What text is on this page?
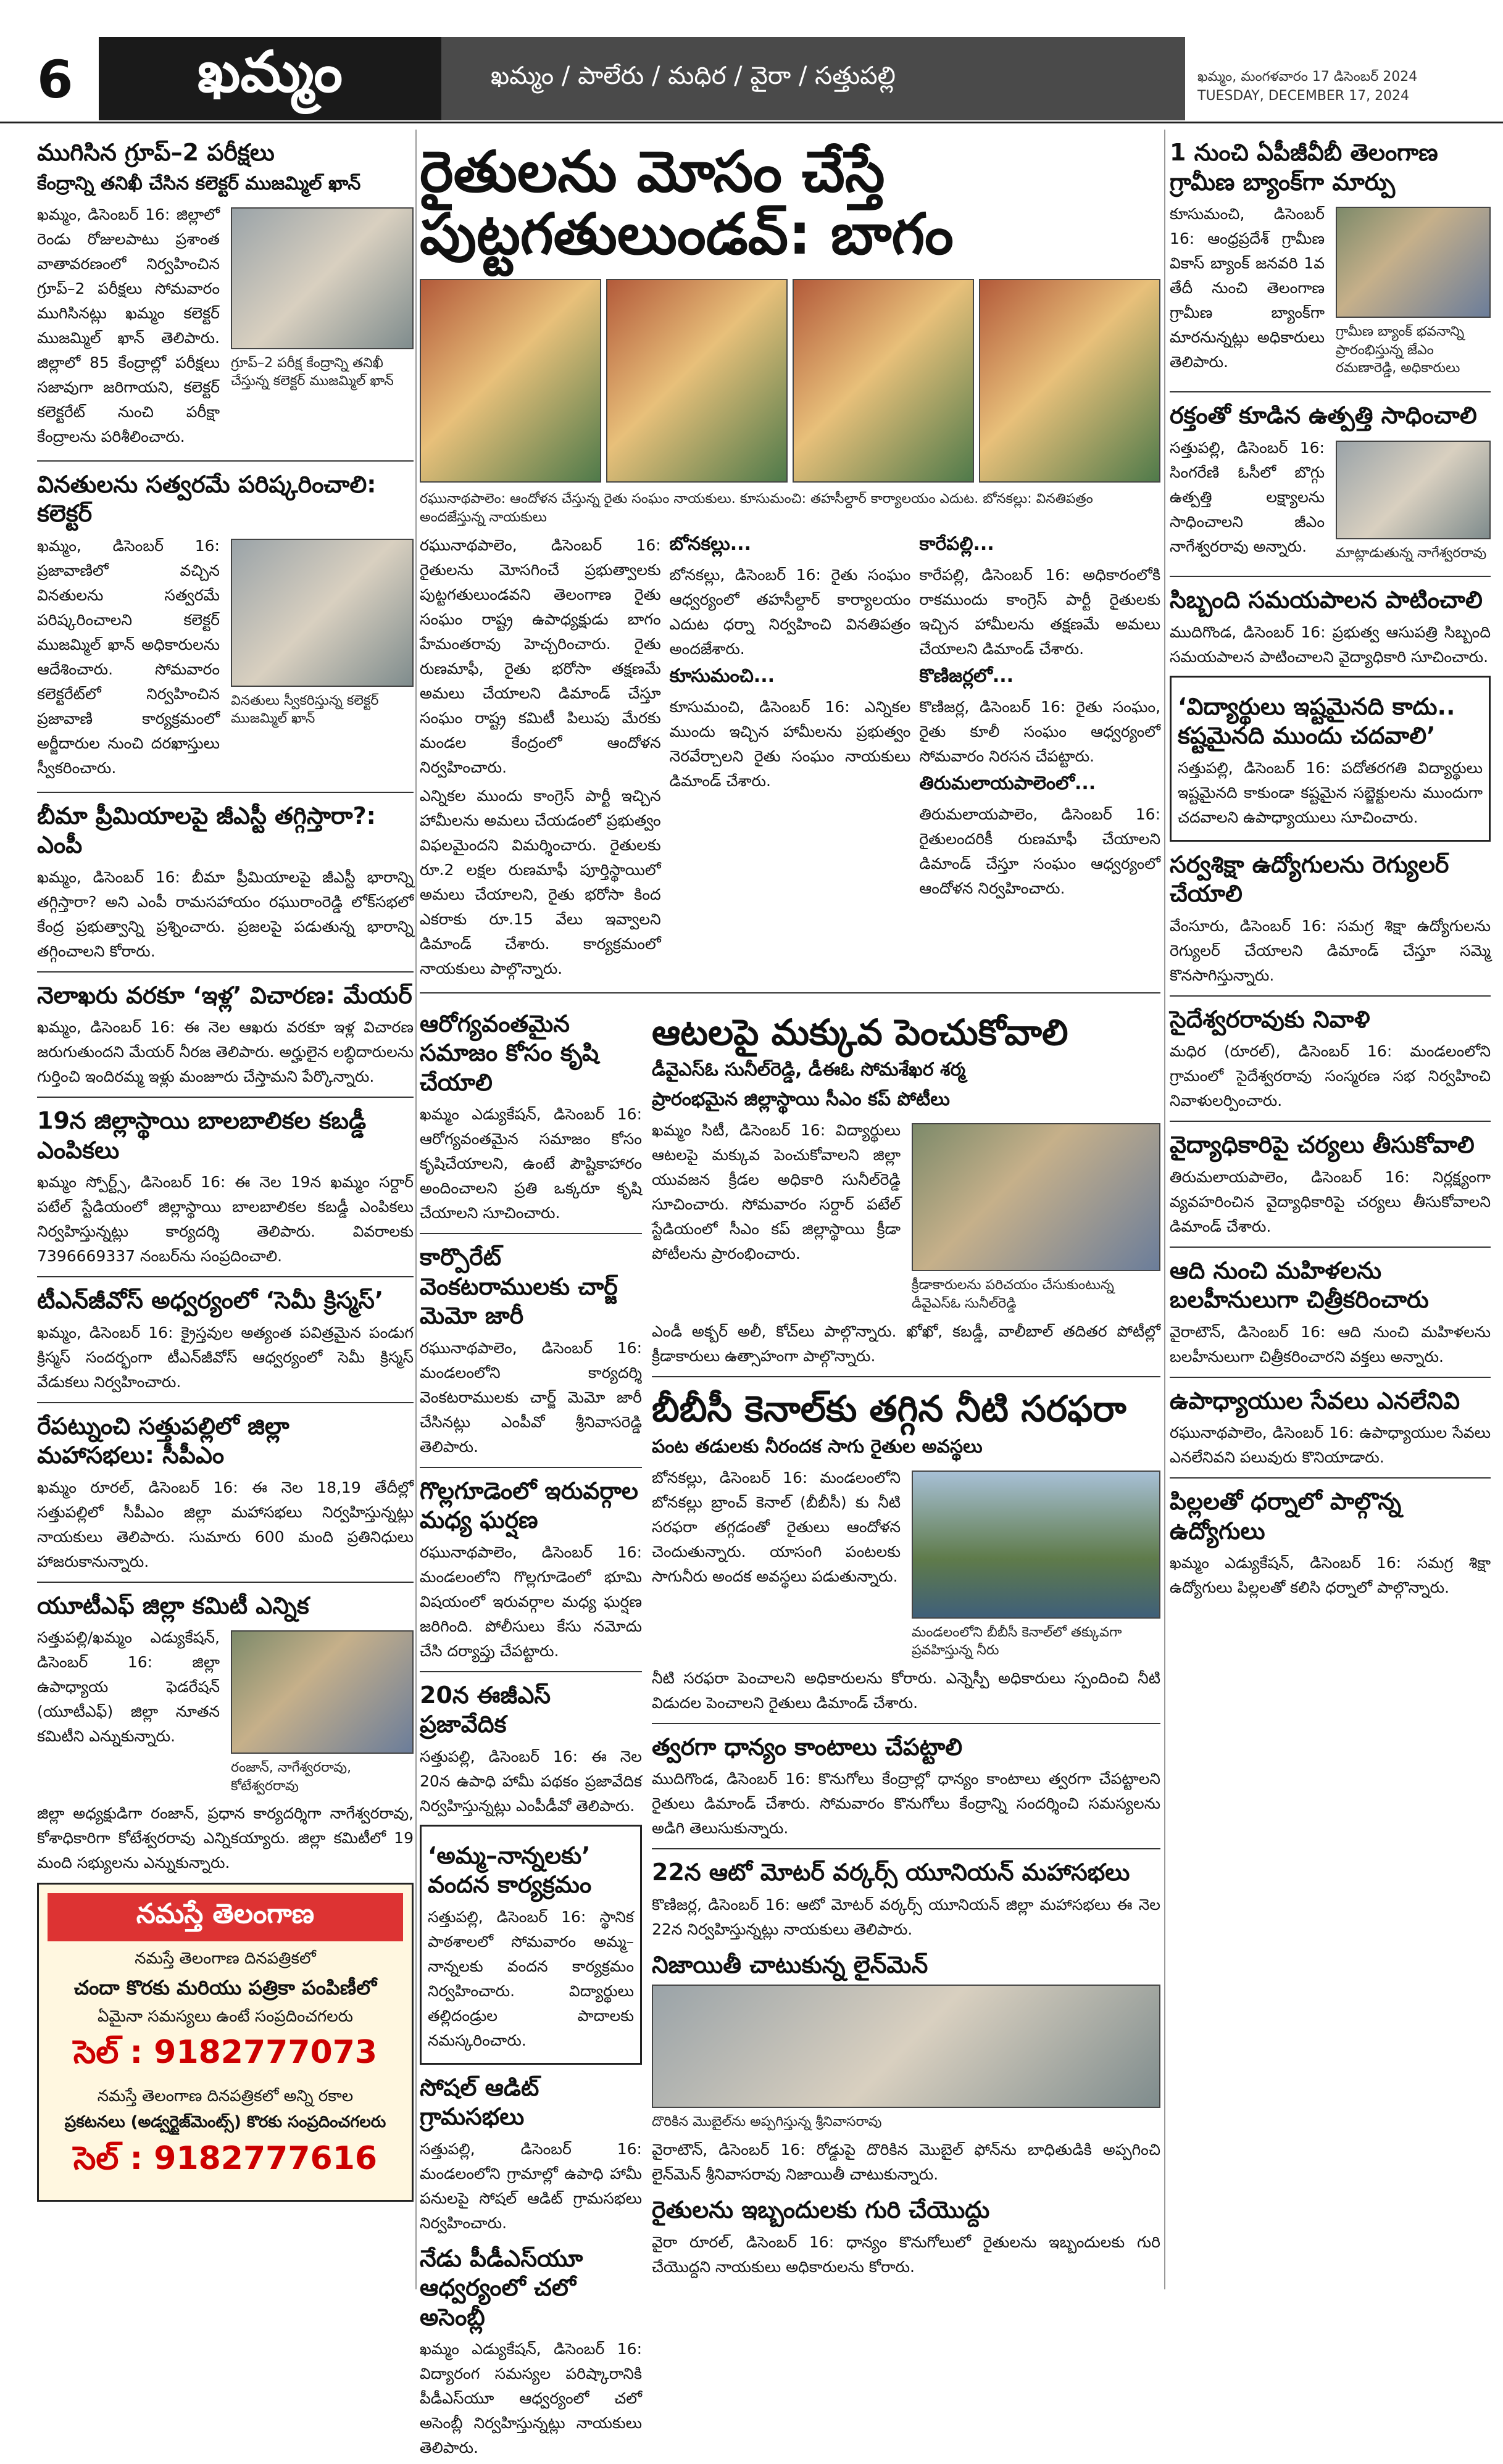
6	ఖమ్మం	ఖమ్మం / పాలేరు / మధిర / వైరా / సత్తుపల్లి	ఖమ్మం, మంగళవారం 17 డిసెంబర్ 2024
TUESDAY, DECEMBER 17, 2024
ముగిసిన గ్రూప్–2 పరీక్షలు
కేంద్రాన్ని తనిఖీ చేసిన కలెక్టర్ ముజమ్మిల్ ఖాన్

ఖమ్మం, డిసెంబర్ 16: జిల్లాలో రెండు రోజులపాటు ప్రశాంత వాతావరణంలో నిర్వహించిన గ్రూప్–2 పరీక్షలు సోమవారం ముగిసినట్లు ఖమ్మం కలెక్టర్ ముజమ్మిల్ ఖాన్ తెలిపారు. జిల్లాలో 85 కేంద్రాల్లో పరీక్షలు సజావుగా జరిగాయని, కలెక్టర్ కలెక్టరేట్ నుంచి పరీక్షా కేంద్రాలను పరిశీలించారు.

గ్రూప్–2 పరీక్ష కేంద్రాన్ని తనిఖీ చేస్తున్న కలెక్టర్ ముజమ్మిల్ ఖాన్
వినతులను సత్వరమే పరిష్కరించాలి: కలెక్టర్

ఖమ్మం, డిసెంబర్ 16: ప్రజావాణిలో వచ్చిన వినతులను సత్వరమే పరిష్కరించాలని కలెక్టర్ ముజమ్మిల్ ఖాన్ అధికారులను ఆదేశించారు. సోమవారం కలెక్టరేట్‌లో నిర్వహించిన ప్రజావాణి కార్యక్రమంలో అర్జీదారుల నుంచి దరఖాస్తులు స్వీకరించారు.

వినతులు స్వీకరిస్తున్న కలెక్టర్ ముజమ్మిల్ ఖాన్
బీమా ప్రీమియాలపై జీఎస్టీ తగ్గిస్తారా?: ఎంపీ

ఖమ్మం, డిసెంబర్ 16: బీమా ప్రీమియాలపై జీఎస్టీ భారాన్ని తగ్గిస్తారా? అని ఎంపీ రామసహాయం రఘురాంరెడ్డి లోక్‌సభలో కేంద్ర ప్రభుత్వాన్ని ప్రశ్నించారు. ప్రజలపై పడుతున్న భారాన్ని తగ్గించాలని కోరారు.

నెలాఖరు వరకూ ‘ఇళ్ల’ విచారణ: మేయర్

ఖమ్మం, డిసెంబర్ 16: ఈ నెల ఆఖరు వరకూ ఇళ్ల విచారణ జరుగుతుందని మేయర్ నీరజ తెలిపారు. అర్హులైన లబ్ధిదారులను గుర్తించి ఇందిరమ్మ ఇళ్లు మంజూరు చేస్తామని పేర్కొన్నారు.

19న జిల్లాస్థాయి బాలబాలికల కబడ్డీ ఎంపికలు

ఖమ్మం స్పోర్ట్స్, డిసెంబర్ 16: ఈ నెల 19న ఖమ్మం సర్దార్ పటేల్ స్టేడియంలో జిల్లాస్థాయి బాలబాలికల కబడ్డీ ఎంపికలు నిర్వహిస్తున్నట్లు కార్యదర్శి తెలిపారు. వివరాలకు 7396669337 నంబర్‌ను సంప్రదించాలి.

టీఎన్‌జీవోస్ అధ్వర్యంలో ‘సెమీ క్రిస్మస్’

ఖమ్మం, డిసెంబర్ 16: క్రైస్తవుల అత్యంత పవిత్రమైన పండుగ క్రిస్మస్ సందర్భంగా టీఎన్‌జీవోస్ ఆధ్వర్యంలో సెమీ క్రిస్మస్ వేడుకలు నిర్వహించారు.

రేపట్నుంచి సత్తుపల్లిలో జిల్లా మహాసభలు: సీపీఎం

ఖమ్మం రూరల్, డిసెంబర్ 16: ఈ నెల 18,19 తేదీల్లో సత్తుపల్లిలో సీపీఎం జిల్లా మహాసభలు నిర్వహిస్తున్నట్లు నాయకులు తెలిపారు. సుమారు 600 మంది ప్రతినిధులు హాజరుకానున్నారు.

యూటీఎఫ్ జిల్లా కమిటీ ఎన్నిక

సత్తుపల్లి/ఖమ్మం ఎడ్యుకేషన్, డిసెంబర్ 16: జిల్లా ఉపాధ్యాయ ఫెడరేషన్ (యూటీఎఫ్) జిల్లా నూతన కమిటీని ఎన్నుకున్నారు.

రంజాన్, నాగేశ్వరరావు, కోటేశ్వరరావు

జిల్లా అధ్యక్షుడిగా రంజాన్, ప్రధాన కార్యదర్శిగా నాగేశ్వరరావు, కోశాధికారిగా కోటేశ్వరరావు ఎన్నికయ్యారు. జిల్లా కమిటీలో 19 మంది సభ్యులను ఎన్నుకున్నారు.

నమస్తే తెలంగాణ
నమస్తే తెలంగాణ దినపత్రికలో
చందా కొరకు మరియు పత్రికా పంపిణీలో
ఏమైనా సమస్యలు ఉంటే సంప్రదించగలరు
సెల్ : 9182777073
నమస్తే తెలంగాణ దినపత్రికలో అన్ని రకాల
ప్రకటనలు (అడ్వర్టైజ్‌మెంట్స్) కొరకు సంప్రదించగలరు
సెల్ : 9182777616
రైతులను మోసం చేస్తే పుట్టగతులుండవ్: బాగం
రఘునాథపాలెం: ఆందోళన చేస్తున్న రైతు సంఘం నాయకులు. కూసుమంచి: తహసీల్దార్ కార్యాలయం ఎదుట. బోనకల్లు: వినతిపత్రం అందజేస్తున్న నాయకులు

రఘునాథపాలెం, డిసెంబర్ 16: రైతులను మోసగించే ప్రభుత్వాలకు పుట్టగతులుండవని తెలంగాణ రైతు సంఘం రాష్ట్ర ఉపాధ్యక్షుడు బాగం హేమంతరావు హెచ్చరించారు. రైతు రుణమాఫీ, రైతు భరోసా తక్షణమే అమలు చేయాలని డిమాండ్ చేస్తూ సంఘం రాష్ట్ర కమిటీ పిలుపు మేరకు మండల కేంద్రంలో ఆందోళన నిర్వహించారు.

ఎన్నికల ముందు కాంగ్రెస్ పార్టీ ఇచ్చిన హామీలను అమలు చేయడంలో ప్రభుత్వం విఫలమైందని విమర్శించారు. రైతులకు రూ.2 లక్షల రుణమాఫీ పూర్తిస్థాయిలో అమలు చేయాలని, రైతు భరోసా కింద ఎకరాకు రూ.15 వేలు ఇవ్వాలని డిమాండ్ చేశారు. కార్యక్రమంలో నాయకులు పాల్గొన్నారు.

బోనకల్లు...

బోనకల్లు, డిసెంబర్ 16: రైతు సంఘం ఆధ్వర్యంలో తహసీల్దార్ కార్యాలయం ఎదుట ధర్నా నిర్వహించి వినతిపత్రం అందజేశారు.

కూసుమంచి...

కూసుమంచి, డిసెంబర్ 16: ఎన్నికల ముందు ఇచ్చిన హామీలను ప్రభుత్వం నెరవేర్చాలని రైతు సంఘం నాయకులు డిమాండ్ చేశారు.

కారేపల్లి...

కారేపల్లి, డిసెంబర్ 16: అధికారంలోకి రాకముందు కాంగ్రెస్ పార్టీ రైతులకు ఇచ్చిన హామీలను తక్షణమే అమలు చేయాలని డిమాండ్ చేశారు.

కొణిజర్లలో...

కొణిజర్ల, డిసెంబర్ 16: రైతు సంఘం, రైతు కూలీ సంఘం ఆధ్వర్యంలో సోమవారం నిరసన చేపట్టారు.

తిరుమలాయపాలెంలో...

తిరుమలాయపాలెం, డిసెంబర్ 16: రైతులందరికీ రుణమాఫీ చేయాలని డిమాండ్ చేస్తూ సంఘం ఆధ్వర్యంలో ఆందోళన నిర్వహించారు.

ఆరోగ్యవంతమైన సమాజం కోసం కృషి చేయాలి

ఖమ్మం ఎడ్యుకేషన్, డిసెంబర్ 16: ఆరోగ్యవంతమైన సమాజం కోసం కృషిచేయాలని, ఉంటే పౌష్టికాహారం అందించాలని ప్రతి ఒక్కరూ కృషి చేయాలని సూచించారు.

కార్పొరేట్ వెంకటరాములకు చార్జ్ మెమో జారీ

రఘునాథపాలెం, డిసెంబర్ 16: మండలంలోని కార్యదర్శి వెంకటరాములకు చార్జ్ మెమో జారీ చేసినట్లు ఎంపీవో శ్రీనివాసరెడ్డి తెలిపారు.

గొల్లగూడెంలో ఇరువర్గాల మధ్య ఘర్షణ

రఘునాథపాలెం, డిసెంబర్ 16: మండలంలోని గొల్లగూడెంలో భూమి విషయంలో ఇరువర్గాల మధ్య ఘర్షణ జరిగింది. పోలీసులు కేసు నమోదు చేసి దర్యాప్తు చేపట్టారు.

20న ఈజీఎస్ ప్రజావేదిక

సత్తుపల్లి, డిసెంబర్ 16: ఈ నెల 20న ఉపాధి హామీ పథకం ప్రజావేదిక నిర్వహిస్తున్నట్లు ఎంపీడీవో తెలిపారు.

‘అమ్మ–నాన్నలకు’ వందన కార్యక్రమం

సత్తుపల్లి, డిసెంబర్ 16: స్థానిక పాఠశాలలో సోమవారం అమ్మ–నాన్నలకు వందన కార్యక్రమం నిర్వహించారు. విద్యార్థులు తల్లిదండ్రుల పాదాలకు నమస్కరించారు.

సోషల్ ఆడిట్ గ్రామసభలు

సత్తుపల్లి, డిసెంబర్ 16: మండలంలోని గ్రామాల్లో ఉపాధి హామీ పనులపై సోషల్ ఆడిట్ గ్రామసభలు నిర్వహించారు.

నేడు పీడీఎస్‌యూ ఆధ్వర్యంలో చలో అసెంబ్లీ

ఖమ్మం ఎడ్యుకేషన్, డిసెంబర్ 16: విద్యారంగ సమస్యల పరిష్కారానికి పీడీఎస్‌యూ ఆధ్వర్యంలో చలో అసెంబ్లీ నిర్వహిస్తున్నట్లు నాయకులు తెలిపారు.

ఆటలపై మక్కువ పెంచుకోవాలి
డీవైఎస్‌ఓ సునీల్‌రెడ్డి, డీఈఓ సోమశేఖర శర్మ
ప్రారంభమైన జిల్లాస్థాయి సీఎం కప్ పోటీలు

ఖమ్మం సిటీ, డిసెంబర్ 16: విద్యార్థులు ఆటలపై మక్కువ పెంచుకోవాలని జిల్లా యువజన క్రీడల అధికారి సునీల్‌రెడ్డి సూచించారు. సోమవారం సర్దార్ పటేల్ స్టేడియంలో సీఎం కప్ జిల్లాస్థాయి క్రీడా పోటీలను ప్రారంభించారు.

క్రీడాకారులను పరిచయం చేసుకుంటున్న డీవైఎస్‌ఓ సునీల్‌రెడ్డి

ఎండీ అక్బర్ అలీ, కోచ్‌లు పాల్గొన్నారు. ఖోఖో, కబడ్డీ, వాలీబాల్ తదితర పోటీల్లో క్రీడాకారులు ఉత్సాహంగా పాల్గొన్నారు.

బీబీసీ కెనాల్‌కు తగ్గిన నీటి సరఫరా
పంట తడులకు నీరందక సాగు రైతుల అవస్థలు

బోనకల్లు, డిసెంబర్ 16: మండలంలోని బోనకల్లు బ్రాంచ్ కెనాల్ (బీబీసీ) కు నీటి సరఫరా తగ్గడంతో రైతులు ఆందోళన చెందుతున్నారు. యాసంగి పంటలకు సాగునీరు అందక అవస్థలు పడుతున్నారు.

మండలంలోని బీబీసీ కెనాల్‌లో తక్కువగా ప్రవహిస్తున్న నీరు

నీటి సరఫరా పెంచాలని అధికారులను కోరారు. ఎన్నెస్పీ అధికారులు స్పందించి నీటి విడుదల పెంచాలని రైతులు డిమాండ్ చేశారు.

త్వరగా ధాన్యం కాంటాలు చేపట్టాలి

ముదిగొండ, డిసెంబర్ 16: కొనుగోలు కేంద్రాల్లో ధాన్యం కాంటాలు త్వరగా చేపట్టాలని రైతులు డిమాండ్ చేశారు. సోమవారం కొనుగోలు కేంద్రాన్ని సందర్శించి సమస్యలను అడిగి తెలుసుకున్నారు.

22న ఆటో మోటర్ వర్కర్స్ యూనియన్ మహాసభలు

కొణిజర్ల, డిసెంబర్ 16: ఆటో మోటర్ వర్కర్స్ యూనియన్ జిల్లా మహాసభలు ఈ నెల 22న నిర్వహిస్తున్నట్లు నాయకులు తెలిపారు.

నిజాయితీ చాటుకున్న లైన్‌మెన్
దొరికిన మొబైల్‌ను అప్పగిస్తున్న శ్రీనివాసరావు

వైరాటౌన్, డిసెంబర్ 16: రోడ్డుపై దొరికిన మొబైల్ ఫోన్‌ను బాధితుడికి అప్పగించి లైన్‌మెన్ శ్రీనివాసరావు నిజాయితీ చాటుకున్నారు.

రైతులను ఇబ్బందులకు గురి చేయొద్దు

వైరా రూరల్, డిసెంబర్ 16: ధాన్యం కొనుగోలులో రైతులను ఇబ్బందులకు గురి చేయొద్దని నాయకులు అధికారులను కోరారు.

1 నుంచి ఏపీజీవీబీ తెలంగాణ గ్రామీణ బ్యాంక్‌గా మార్పు

కూసుమంచి, డిసెంబర్ 16: ఆంధ్రప్రదేశ్ గ్రామీణ వికాస్ బ్యాంక్ జనవరి 1వ తేదీ నుంచి తెలంగాణ గ్రామీణ బ్యాంక్‌గా మారనున్నట్లు అధికారులు తెలిపారు.

గ్రామీణ బ్యాంక్ భవనాన్ని ప్రారంభిస్తున్న జేఎం రమణారెడ్డి, అధికారులు
రక్తంతో కూడిన ఉత్పత్తి సాధించాలి

సత్తుపల్లి, డిసెంబర్ 16: సింగరేణి ఓసీలో బొగ్గు ఉత్పత్తి లక్ష్యాలను సాధించాలని జీఎం నాగేశ్వరరావు అన్నారు.	మాట్లాడుతున్న నాగేశ్వరరావు
సిబ్బంది సమయపాలన పాటించాలి

ముదిగొండ, డిసెంబర్ 16: ప్రభుత్వ ఆసుపత్రి సిబ్బంది సమయపాలన పాటించాలని వైద్యాధికారి సూచించారు.

‘విద్యార్థులు ఇష్టమైనది కాదు.. కష్టమైనది ముందు చదవాలి’

సత్తుపల్లి, డిసెంబర్ 16: పదోతరగతి విద్యార్థులు ఇష్టమైనది కాకుండా కష్టమైన సబ్జెక్టులను ముందుగా చదవాలని ఉపాధ్యాయులు సూచించారు.

సర్వశిక్షా ఉద్యోగులను రెగ్యులర్ చేయాలి

వేంసూరు, డిసెంబర్ 16: సమగ్ర శిక్షా ఉద్యోగులను రెగ్యులర్ చేయాలని డిమాండ్ చేస్తూ సమ్మె కొనసాగిస్తున్నారు.

సైదేశ్వరరావుకు నివాళి

మధిర (రూరల్), డిసెంబర్ 16: మండలంలోని గ్రామంలో సైదేశ్వరరావు సంస్మరణ సభ నిర్వహించి నివాళులర్పించారు.

వైద్యాధికారిపై చర్యలు తీసుకోవాలి

తిరుమలాయపాలెం, డిసెంబర్ 16: నిర్లక్ష్యంగా వ్యవహరించిన వైద్యాధికారిపై చర్యలు తీసుకోవాలని డిమాండ్ చేశారు.

ఆది నుంచి మహిళలను బలహీనులుగా చిత్రీకరించారు

వైరాటౌన్, డిసెంబర్ 16: ఆది నుంచి మహిళలను బలహీనులుగా చిత్రీకరించారని వక్తలు అన్నారు.

ఉపాధ్యాయుల సేవలు ఎనలేనివి

రఘునాథపాలెం, డిసెంబర్ 16: ఉపాధ్యాయుల సేవలు ఎనలేనివని పలువురు కొనియాడారు.

పిల్లలతో ధర్నాలో పాల్గొన్న ఉద్యోగులు

ఖమ్మం ఎడ్యుకేషన్, డిసెంబర్ 16: సమగ్ర శిక్షా ఉద్యోగులు పిల్లలతో కలిసి ధర్నాలో పాల్గొన్నారు.
